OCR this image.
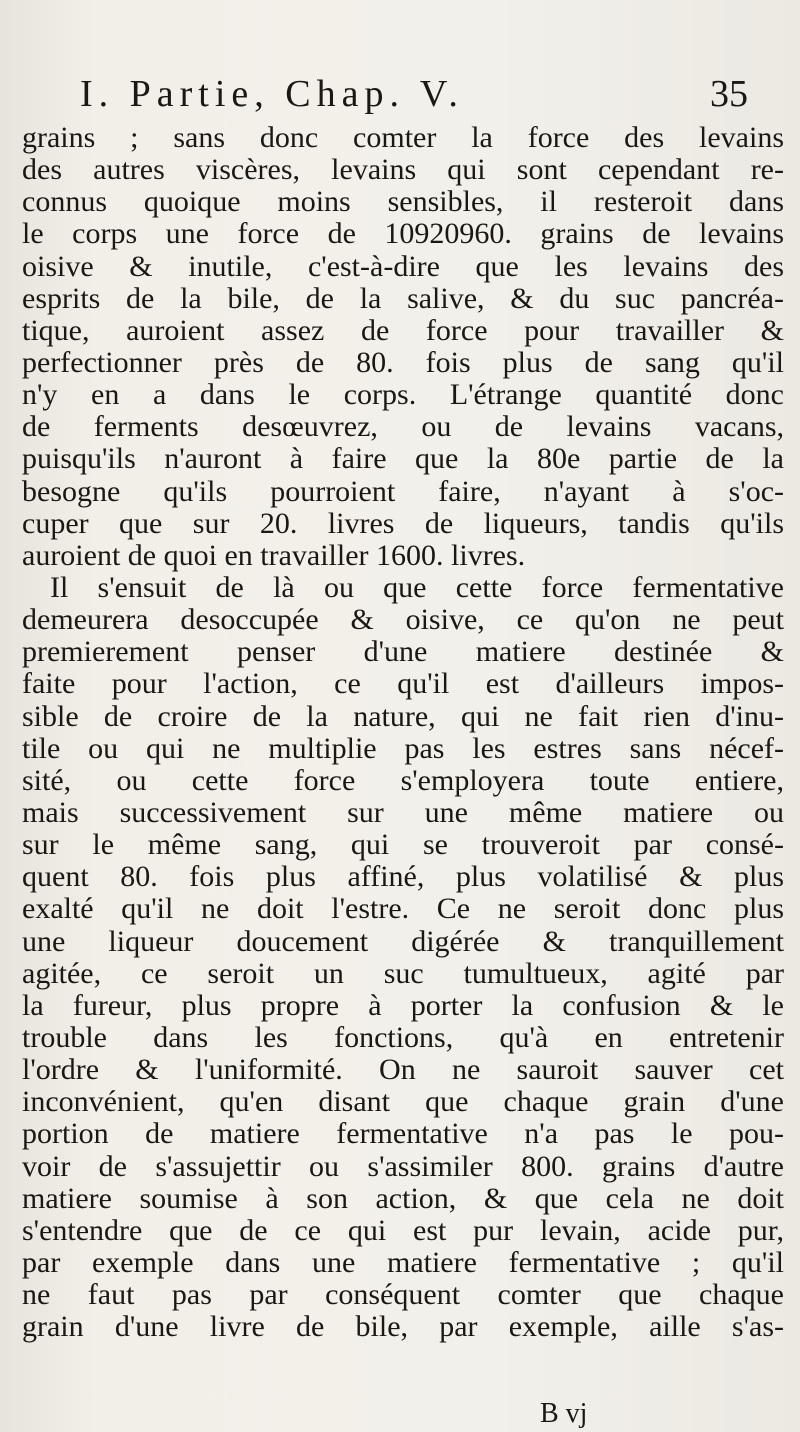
I. Partie, Chap. V.	35
grains ; sans donc comter la force des levains
des autres viscères, levains qui sont cependant re-
connus quoique moins sensibles, il resteroit dans
le corps une force de 10920960. grains de levains
oisive & inutile, c'est-à-dire que les levains des
esprits de la bile, de la salive, & du suc pancréa-
tique, auroient assez de force pour travailler &
perfectionner près de 80. fois plus de sang qu'il
n'y en a dans le corps. L'étrange quantité donc
de ferments desœuvrez, ou de levains vacans,
puisqu'ils n'auront à faire que la 80e partie de la
besogne qu'ils pourroient faire, n'ayant à s'oc-
cuper que sur 20. livres de liqueurs, tandis qu'ils
auroient de quoi en travailler 1600. livres.
Il s'ensuit de là ou que cette force fermentative
demeurera desoccupée & oisive, ce qu'on ne peut
premierement penser d'une matiere destinée &
faite pour l'action, ce qu'il est d'ailleurs impos-
sible de croire de la nature, qui ne fait rien d'inu-
tile ou qui ne multiplie pas les estres sans nécef-
sité, ou cette force s'employera toute entiere,
mais successivement sur une même matiere ou
sur le même sang, qui se trouveroit par consé-
quent 80. fois plus affiné, plus volatilisé & plus
exalté qu'il ne doit l'estre. Ce ne seroit donc plus
une liqueur doucement digérée & tranquillement
agitée, ce seroit un suc tumultueux, agité par
la fureur, plus propre à porter la confusion & le
trouble dans les fonctions, qu'à en entretenir
l'ordre & l'uniformité. On ne sauroit sauver cet
inconvénient, qu'en disant que chaque grain d'une
portion de matiere fermentative n'a pas le pou-
voir de s'assujettir ou s'assimiler 800. grains d'autre
matiere soumise à son action, & que cela ne doit
s'entendre que de ce qui est pur levain, acide pur,
par exemple dans une matiere fermentative ; qu'il
ne faut pas par conséquent comter que chaque
grain d'une livre de bile, par exemple, aille s'as-
B vj
